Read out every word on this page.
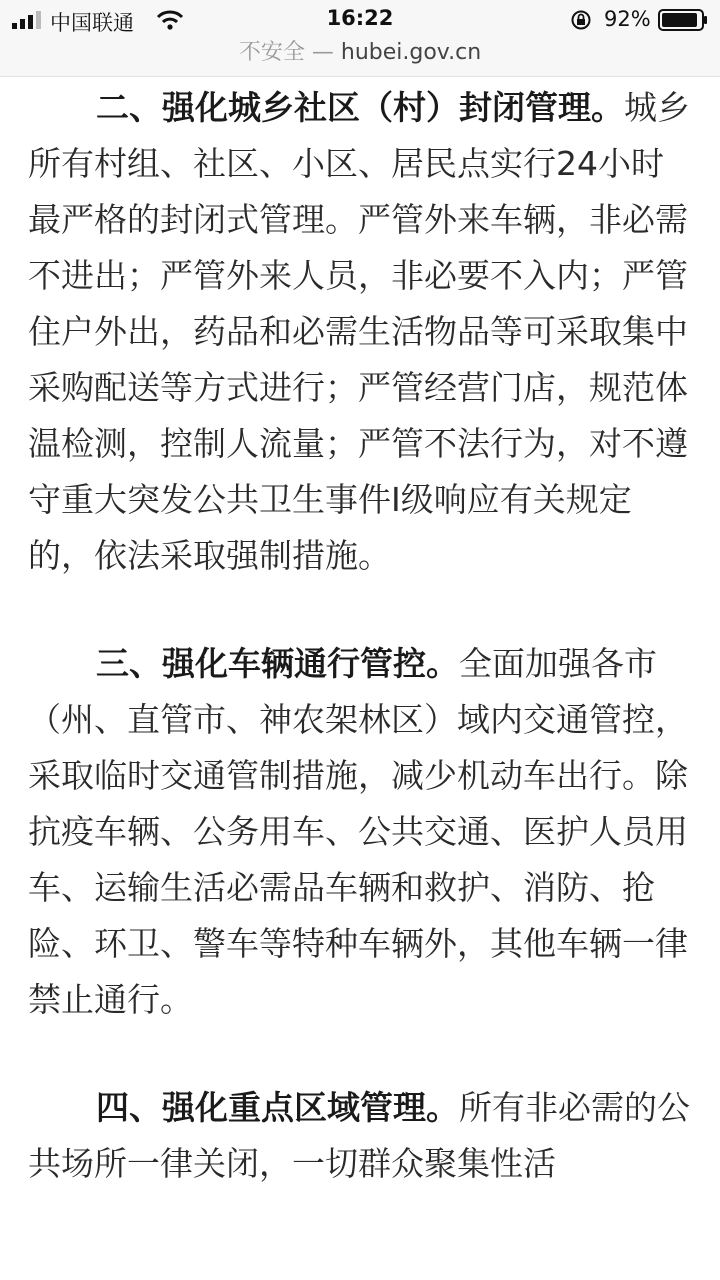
中国联通	16:22	92%
不安全 — hubei.gov.cn

二、强化城乡社区（村）封闭管理。城乡所有村组、社区、小区、居民点实行24小时最严格的封闭式管理。严管外来车辆，非必需不进出；严管外来人员，非必要不入内；严管住户外出，药品和必需生活物品等可采取集中采购配送等方式进行；严管经营门店，规范体温检测，控制人流量；严管不法行为，对不遵守重大突发公共卫生事件Ⅰ级响应有关规定的，依法采取强制措施。

三、强化车辆通行管控。全面加强各市（州、直管市、神农架林区）域内交通管控，采取临时交通管制措施，减少机动车出行。除抗疫车辆、公务用车、公共交通、医护人员用车、运输生活必需品车辆和救护、消防、抢险、环卫、警车等特种车辆外，其他车辆一律禁止通行。

四、强化重点区域管理。所有非必需的公共场所一律关闭，一切群众聚集性活
